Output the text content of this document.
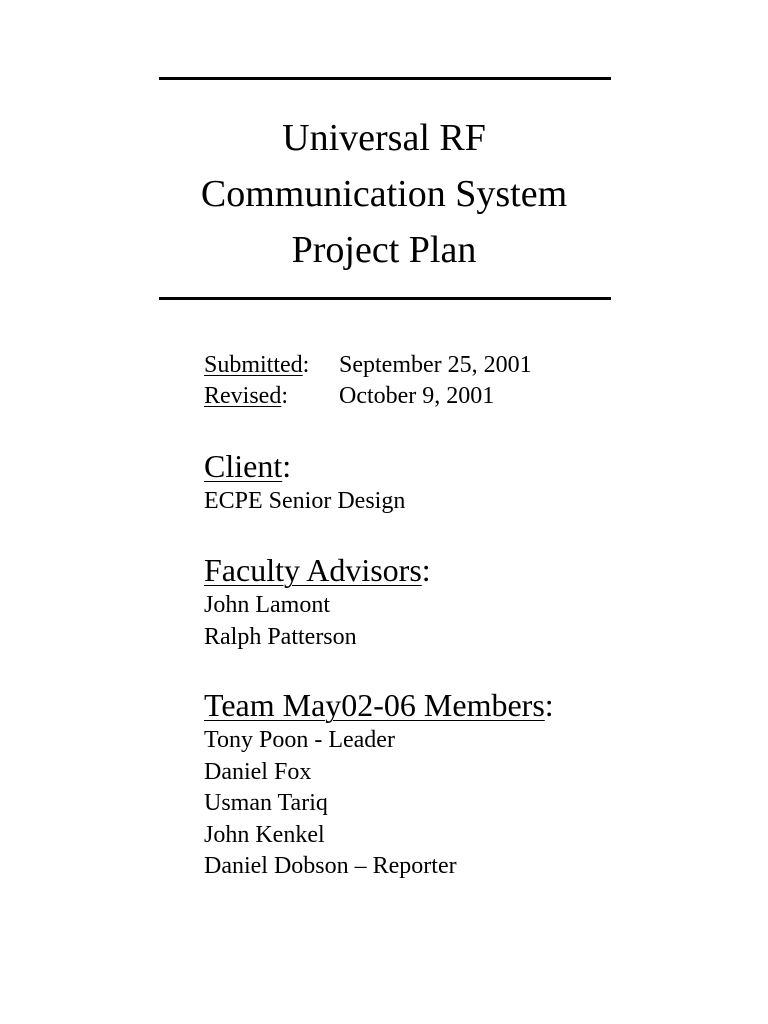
Universal RF
Communication System
Project Plan
Submitted:	September 25, 2001
Revised:	October 9, 2001
Client:
ECPE Senior Design
Faculty Advisors:
John Lamont
Ralph Patterson
Team May02-06 Members:
Tony Poon - Leader
Daniel Fox
Usman Tariq
John Kenkel
Daniel Dobson – Reporter
